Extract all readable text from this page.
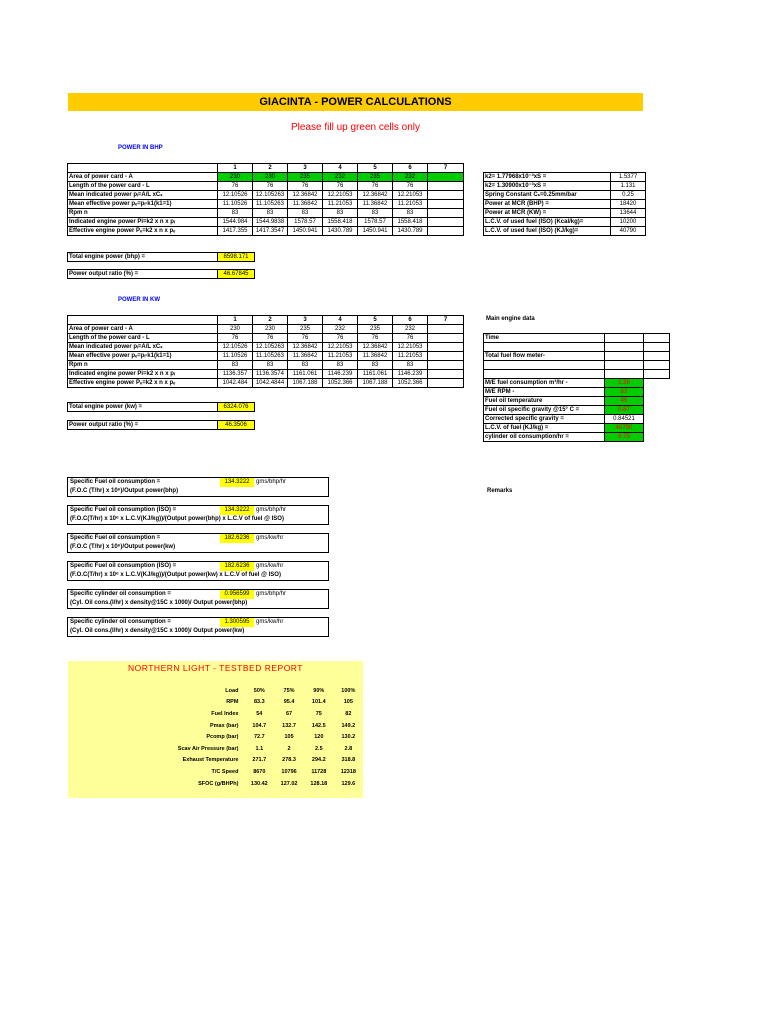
GIACINTA - POWER CALCULATIONS
Please fill up green cells only
POWER IN BHP
	1	2	3	4	5	6	7
Area of power card - A	230	230	235	232	235	232	
Length of the power card - L	76	76	76	76	76	76	
Mean indicated power pᵢ=A/L xCₛ	12.10526	12.105263	12.36842	12.21053	12.36842	12.21053	
Mean effective power pₑ=pᵢ-k1(k1=1)	11.10526	11.105263	11.36842	11.21053	11.36842	11.21053	
Rpm n	83	83	83	83	83	83	
Indicated engine power Pi=k2 x n x pᵢ	1544.984	1544.9838	1578.57	1558.418	1578.57	1558.418	
Effective engine power Pₑ=k2 x n x pₑ	1417.355	1417.3547	1450.941	1430.789	1450.941	1430.789	
Total engine power (bhp) =	8598.171
Power output ratio (%) =	46.67845
k2= 1.77968x10⁻³xS =	1.5377
k2= 1.30900x10⁻³xS =	1.131
Spring Constant Cₛ=0.25mm/bar	0.25
Power at MCR (BHP) =	18420
Power at MCR (KW) =	13644
L.C.V. of used fuel (ISO) (Kcal/kg)=	10200
L.C.V. of used fuel (ISO) (KJ/kg)=	40790
POWER IN KW
	1	2	3	4	5	6	7
Area of power card - A	230	230	235	232	235	232	
Length of the power card - L	76	76	76	76	76	76	
Mean indicated power pᵢ=A/L xCₛ	12.10526	12.105263	12.36842	12.21053	12.36842	12.21053	
Mean effective power pₑ=pᵢ-k1(k1=1)	11.10526	11.105263	11.36842	11.21053	11.36842	11.21053	
Rpm n	83	83	83	83	83	83	
Indicated engine power Pi=k2 x n x pᵢ	1136.357	1136.3574	1161.061	1146.239	1161.061	1146.239	
Effective engine power Pₑ=k2 x n x pₑ	1042.484	1042.4844	1067.188	1052.366	1067.188	1052.366	
Total engine power (kw) =	6324.076
Power output ratio (%) =	46.3506
Main engine data
Time		

Total fuel flow meter-		

M/E fuel consumption m³/hr -	1.36	
M/E RPM -	83	
Fuel oil temperature	45	
Fuel oil specific gravity @15° C =	0.87	
Corrected specific gravity =	0.84521	
L.C.V. of fuel (KJ/kg) =	40790	
cylinder oil consumption/hr =	6.75	
Remarks
Specific Fuel oil consumption =	134.3222	gms/bhp/hr
(F.O.C (T/hr) x 10⁶)/Output power(bhp)
Specific Fuel oil consumption (ISO) =	134.3222	gms/bhp/hr
(F.O.C(T/hr) x 10⁶ x L.C.V(KJ/kg))/(Output power(bhp) x L.C.V of fuel @ ISO)
Specific Fuel oil consumption =	182.6236	gms/kw/hr
(F.O.C (T/hr) x 10⁶)/Output power(kw)
Specific Fuel oil consumption (ISO) =	182.6236	gms/kw/hr
(F.O.C(T/hr) x 10⁶ x L.C.V(KJ/kg))/(Output power(kw) x L.C.V of fuel @ ISO)
Specific cylinder oil consumption =	0.956599	gms/bhp/hr
(Cyl. Oil cons.(l/hr) x density@15C x 1000)/ Output power(bhp)
Specific cylinder oil consumption =	1.300595	gms/kw/hr
(Cyl. Oil cons.(l/hr) x density@15C x 1000)/ Output power(kw)
NORTHERN LIGHT - TESTBED REPORT
Load	50%	75%	90%	100%
RPM	83.3	95.4	101.4	105
Fuel Index	54	67	75	82
Pmax (bar)	104.7	132.7	142.5	149.2
Pcomp (bar)	72.7	105	120	130.2
Scav Air Pressure (bar)	1.1	2	2.5	2.8
Exhaust Temperature	271.7	278.3	294.2	318.8
T/C Speed	8670	10796	11728	12318
SFOC (g/BHPh)	130.42	127.02	128.18	129.6
